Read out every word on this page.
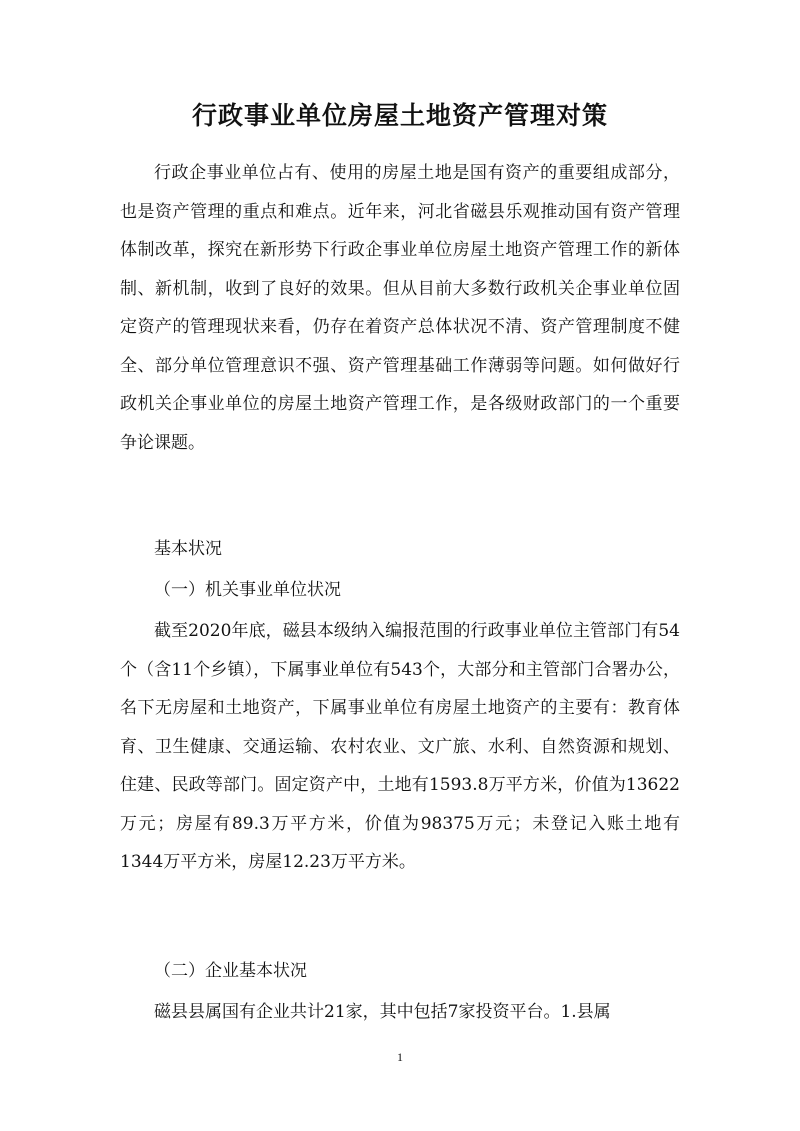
行政事业单位房屋土地资产管理对策

行政企事业单位占有、使用的房屋土地是国有资产的重要组成部分，也是资产管理的重点和难点。近年来，河北省磁县乐观推动国有资产管理体制改革，探究在新形势下行政企事业单位房屋土地资产管理工作的新体制、新机制，收到了良好的效果。但从目前大多数行政机关企事业单位固定资产的管理现状来看，仍存在着资产总体状况不清、资产管理制度不健全、部分单位管理意识不强、资产管理基础工作薄弱等问题。如何做好行政机关企事业单位的房屋土地资产管理工作，是各级财政部门的一个重要争论课题。

基本状况

（一）机关事业单位状况

截至2020年底，磁县本级纳入编报范围的行政事业单位主管部门有54个（含11个乡镇），下属事业单位有543个，大部分和主管部门合署办公，名下无房屋和土地资产，下属事业单位有房屋土地资产的主要有：教育体育、卫生健康、交通运输、农村农业、文广旅、水利、自然资源和规划、住建、民政等部门。固定资产中，土地有1593.8万平方米，价值为13622万元；房屋有89.3万平方米，价值为98375万元；未登记入账土地有1344万平方米，房屋12.23万平方米。

（二）企业基本状况

磁县县属国有企业共计21家，其中包括7家投资平台。1.县属

1
